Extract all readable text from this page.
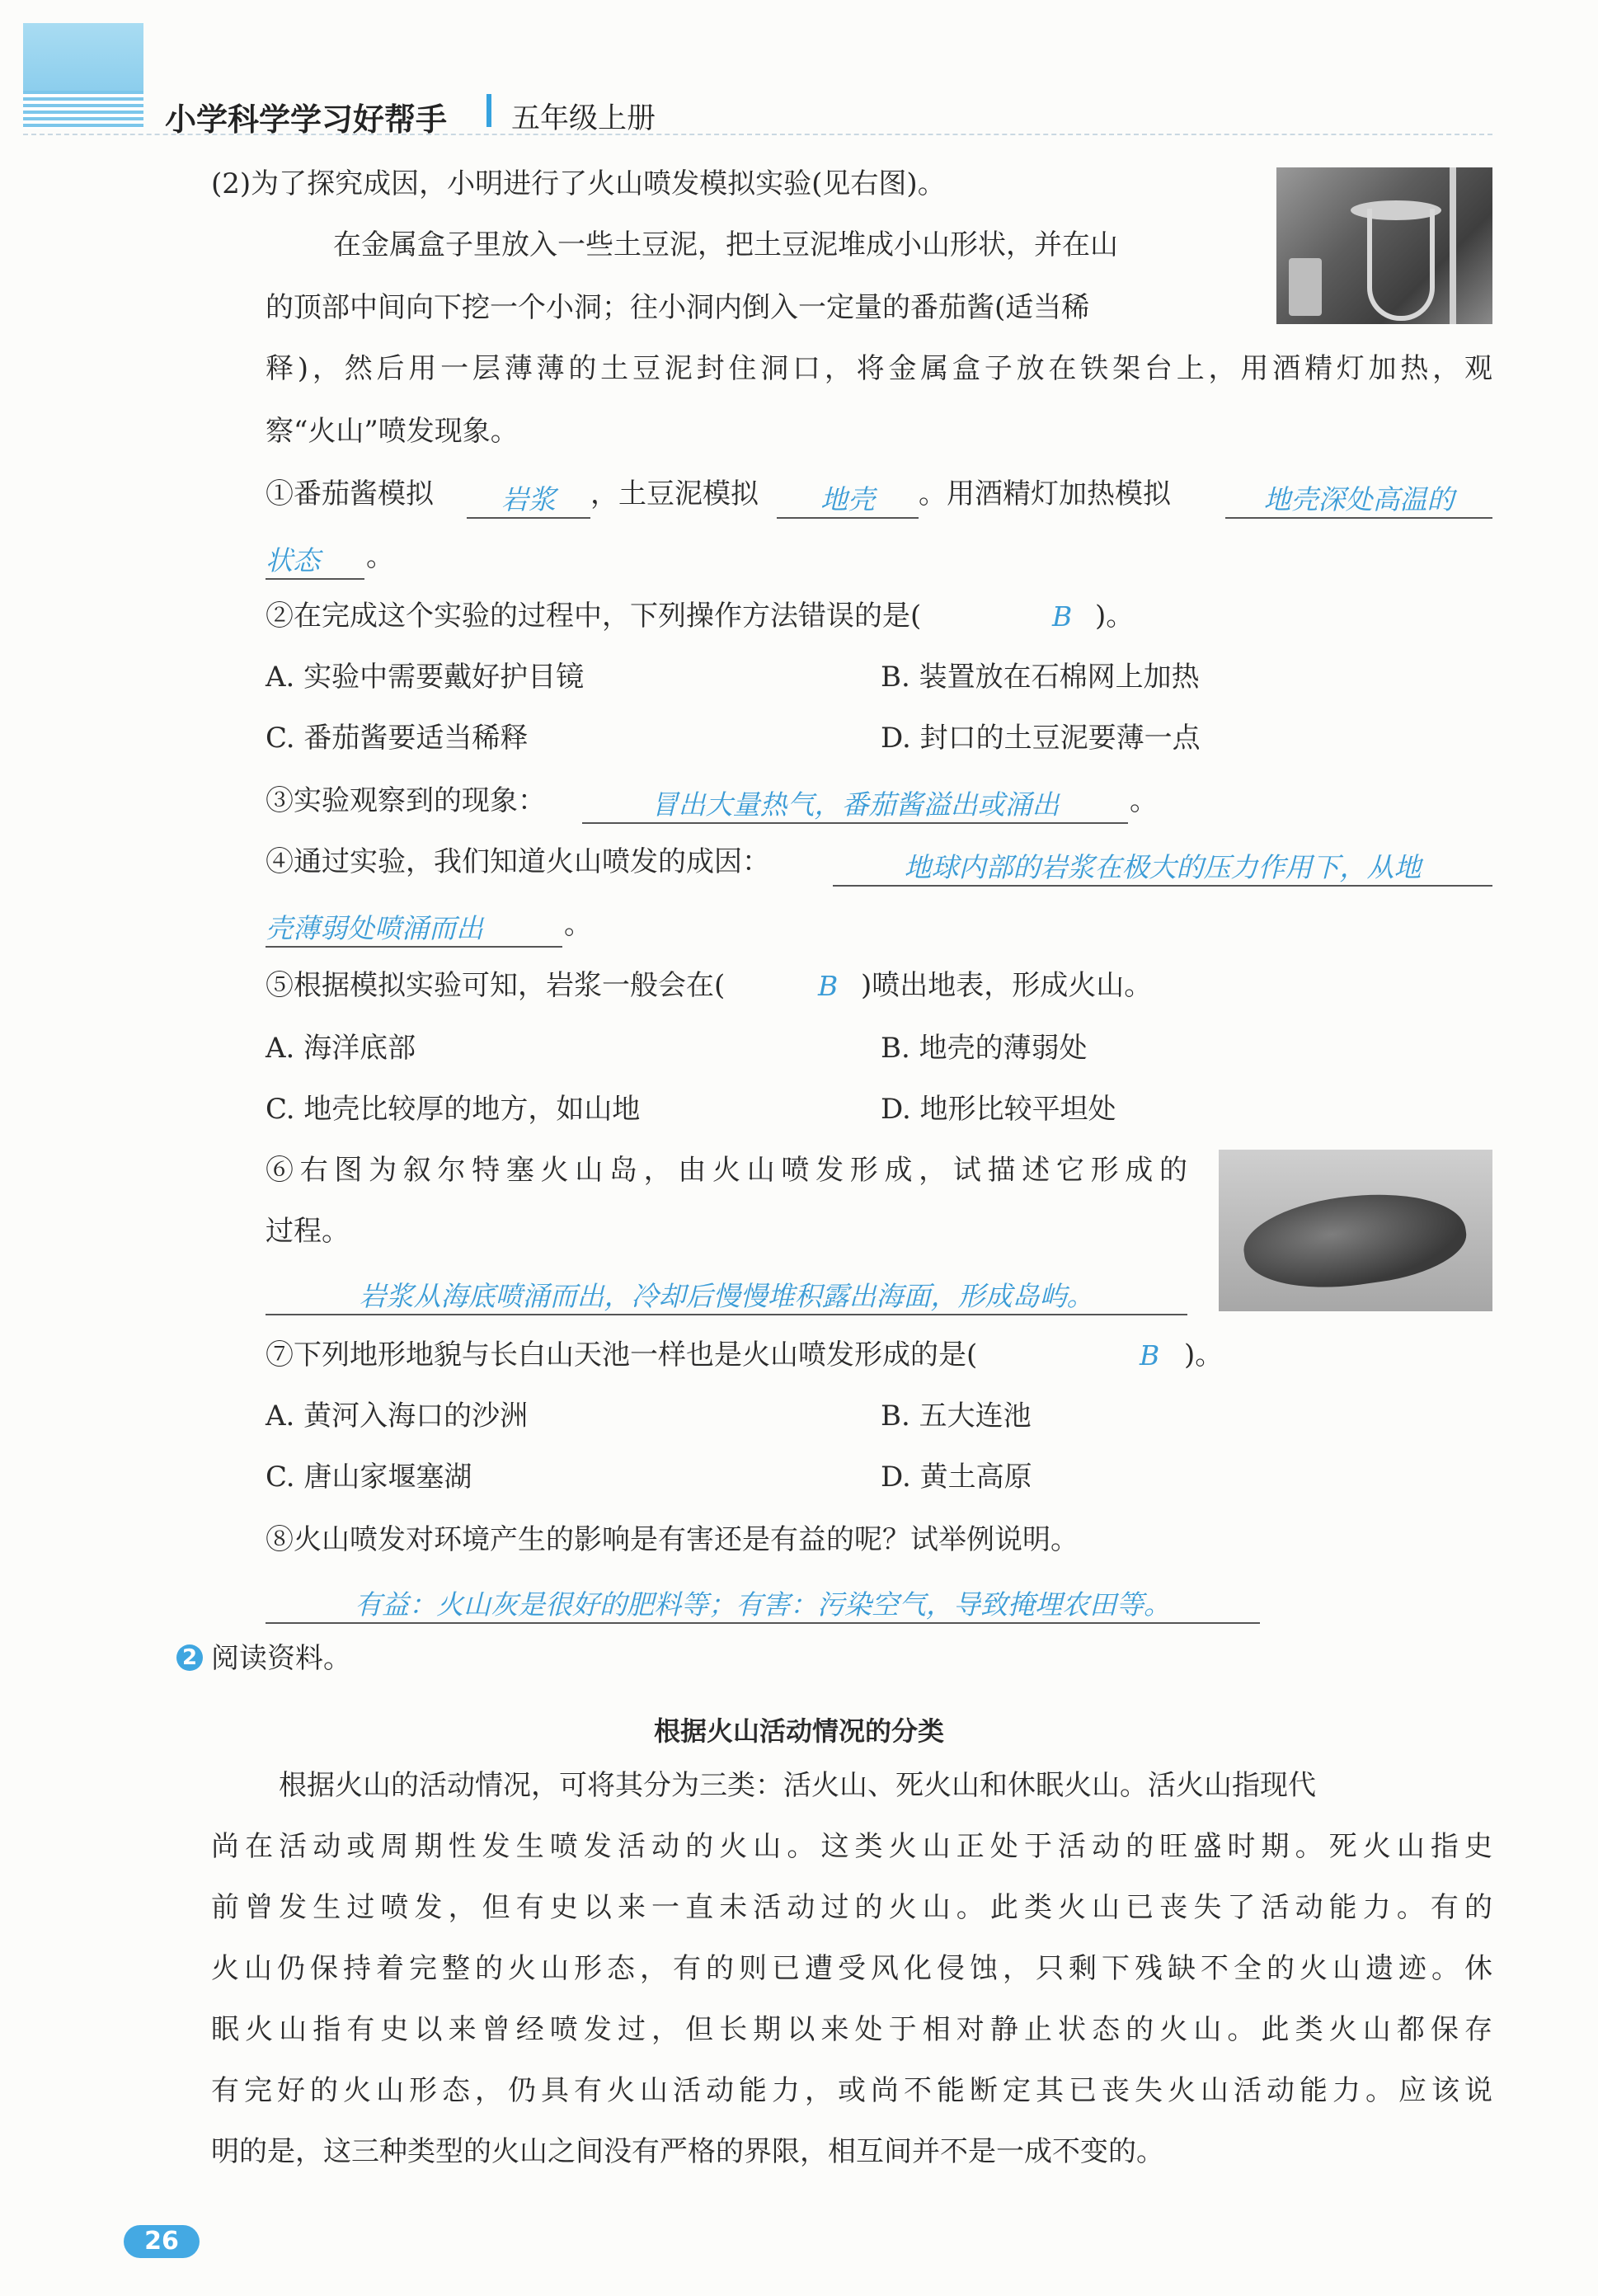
小学科学学习好帮手 五年级上册
(2)为了探究成因，小明进行了火山喷发模拟实验(见右图)。
在金属盒子里放入一些土豆泥，把土豆泥堆成小山形状，并在山
的顶部中间向下挖一个小洞；往小洞内倒入一定量的番茄酱(适当稀
释)，然后用一层薄薄的土豆泥封住洞口，将金属盒子放在铁架台上，用酒精灯加热，观
察“火山”喷发现象。
①番茄酱模拟	岩浆	，土豆泥模拟	地壳	。用酒精灯加热模拟	地壳深处高温的
状态	。
②在完成这个实验的过程中，下列操作方法错误的是(	B )。
A. 实验中需要戴好护目镜	B. 装置放在石棉网上加热
C. 番茄酱要适当稀释	D. 封口的土豆泥要薄一点
③实验观察到的现象：	冒出大量热气，番茄酱溢出或涌出	。
④通过实验，我们知道火山喷发的成因：	地球内部的岩浆在极大的压力作用下，从地
壳薄弱处喷涌而出	。
⑤根据模拟实验可知，岩浆一般会在(	B )喷出地表，形成火山。
A. 海洋底部	B. 地壳的薄弱处
C. 地壳比较厚的地方，如山地	D. 地形比较平坦处
⑥右图为叙尔特塞火山岛，由火山喷发形成，试描述它形成的
过程。
岩浆从海底喷涌而出，冷却后慢慢堆积露出海面，形成岛屿。
⑦下列地形地貌与长白山天池一样也是火山喷发形成的是(	B )。
A. 黄河入海口的沙洲	B. 五大连池
C. 唐山家堰塞湖	D. 黄土高原
⑧火山喷发对环境产生的影响是有害还是有益的呢？试举例说明。
有益：火山灰是很好的肥料等；有害：污染空气，导致掩埋农田等。
2 阅读资料。
根据火山活动情况的分类
根据火山的活动情况，可将其分为三类：活火山、死火山和休眠火山。活火山指现代
尚在活动或周期性发生喷发活动的火山。这类火山正处于活动的旺盛时期。死火山指史
前曾发生过喷发，但有史以来一直未活动过的火山。此类火山已丧失了活动能力。有的
火山仍保持着完整的火山形态，有的则已遭受风化侵蚀，只剩下残缺不全的火山遗迹。休
眠火山指有史以来曾经喷发过，但长期以来处于相对静止状态的火山。此类火山都保存
有完好的火山形态，仍具有火山活动能力，或尚不能断定其已丧失火山活动能力。应该说
明的是，这三种类型的火山之间没有严格的界限，相互间并不是一成不变的。
26
